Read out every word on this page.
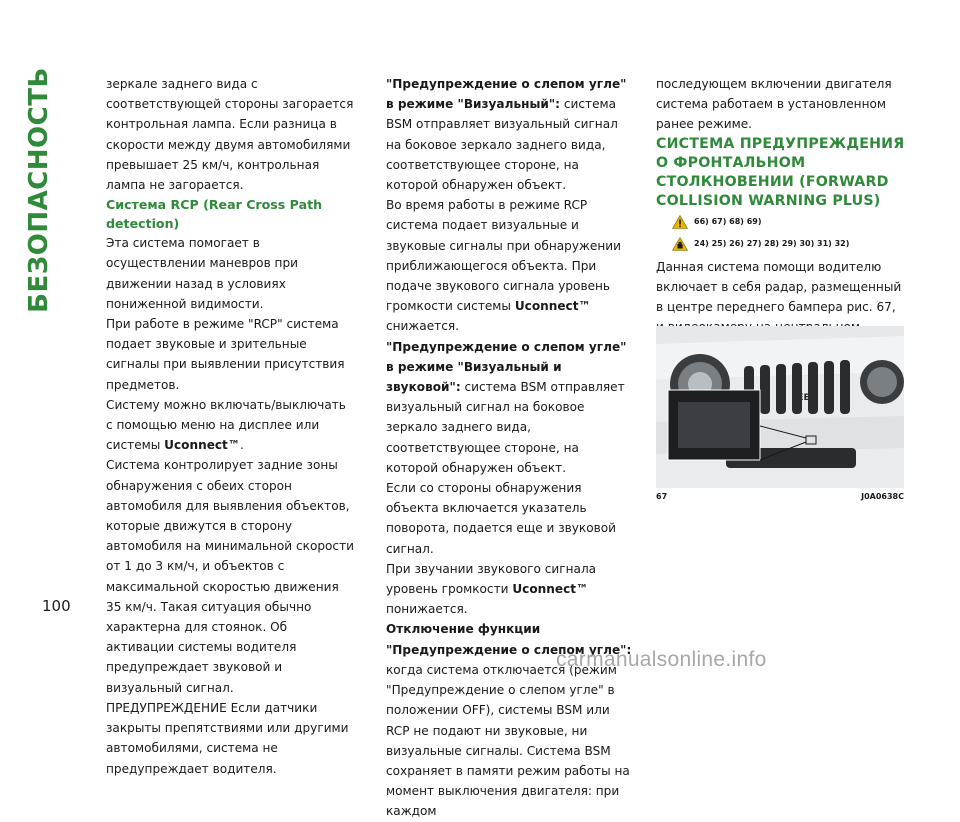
БЕЗОПАСНОСТЬ
100

зеркале заднего вида с соответствующей стороны загорается контрольная лампа. Если разница в скорости между двумя автомобилями превышает 25 км/ч, контрольная лампа не загорается.

Система RCP (Rear Cross Path detection)

Эта система помогает в осуществлении маневров при движении назад в условиях пониженной видимости.

При работе в режиме "RCP" система подает звуковые и зрительные сигналы при выявлении присутствия предметов.

Систему можно включать/выключать с помощью меню на дисплее или системы Uconnect™.

Система контролирует задние зоны обнаружения с обеих сторон автомобиля для выявления объектов, которые движутся в сторону автомобиля на минимальной скорости от 1 до 3 км/ч, и объектов с максимальной скоростью движения 35 км/ч. Такая ситуация обычно характерна для стоянок. Об активации системы водителя предупреждает звуковой и визуальный сигнал.

ПРЕДУПРЕЖДЕНИЕ Если датчики закрыты препятствиями или другими автомобилями, система не предупреждает водителя.

"Предупреждение о слепом угле" в режиме "Визуальный": система BSM отправляет визуальный сигнал на боковое зеркало заднего вида, соответствующее стороне, на которой обнаружен объект.

Во время работы в режиме RCP система подает визуальные и звуковые сигналы при обнаружении приближающегося объекта. При подаче звукового сигнала уровень громкости системы Uconnect™ снижается.

"Предупреждение о слепом угле" в режиме "Визуальный и звуковой": система BSM отправляет визуальный сигнал на боковое зеркало заднего вида, соответствующее стороне, на которой обнаружен объект.

Если со стороны обнаружения объекта включается указатель поворота, подается еще и звуковой сигнал.

При звучании звукового сигнала уровень громкости Uconnect™ понижается.

Отключение функции

"Предупреждение о слепом угле": когда система отключается (режим "Предупреждение о слепом угле" в положении OFF), системы BSM или RCP не подают ни звуковые, ни визуальные сигналы. Система BSM сохраняет в памяти режим работы на момент выключения двигателя: при каждом

последующем включении двигателя система работаем в установленном ранее режиме.

СИСТЕМА ПРЕДУПРЕЖДЕНИЯ О ФРОНТАЛЬНОМ СТОЛКНОВЕНИИ (FORWARD COLLISION WARNING PLUS)

66) 67) 68) 69)
24) 25) 26) 27) 28) 29) 30) 31) 32)

Данная система помощи водителю включает в себя радар, размещенный в центре переднего бампера рис. 67,

JEEP
67	J0A0638C
carmanualsonline.info
